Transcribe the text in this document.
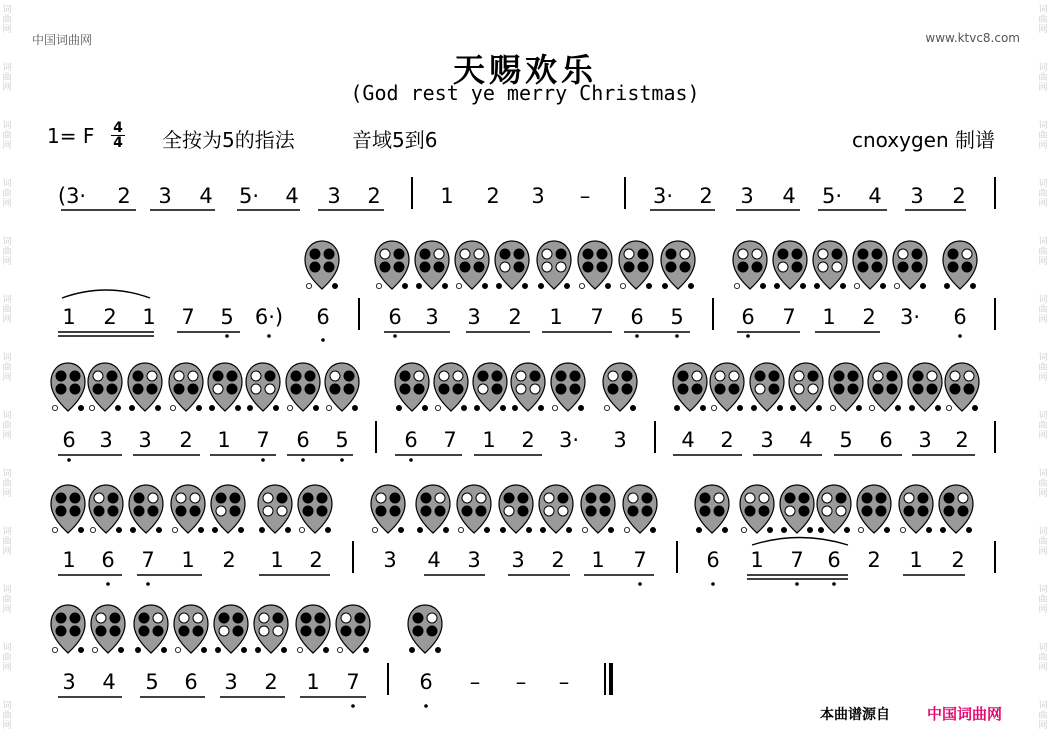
词
曲
网
词
曲
网
词
曲
网
词
曲
网
词
曲
网
词
曲
网
词
曲
网
词
曲
网
词
曲
网
词
曲
网
词
曲
网
词
曲
网
词
曲
网
词
曲
网
词
曲
网
词
曲
网
词
曲
网
词
曲
网
词
曲
网
词
曲
网
词
曲
网
词
曲
网
词
曲
网
词
曲
网
词
曲
网
词
曲
网
中国词曲网	www.ktvc8.com
天赐欢乐
(God rest ye merry Christmas)
1= F 4
4 全按为5的指法	音域5到6	cnoxygen 制谱
(3· 2 3 4 5· 4 3 2	1 2 3 –	3· 2 3 4 5· 4 3 2
1 2 1 7 5 6·) 6	6 3 3 2 1 7 6 5	6 7 1 2 3· 6
6 3 3 2 1 7 6 5	6 7 1 2 3· 3	4 2 3 4 5 6 3 2
1 6 7 1 2 1 2	3 4 3 3 2 1 7	6 1 7 6 2 1 2
3 4 5 6 3 2 1 7	6 – – –
本曲谱源自 中国词曲网
